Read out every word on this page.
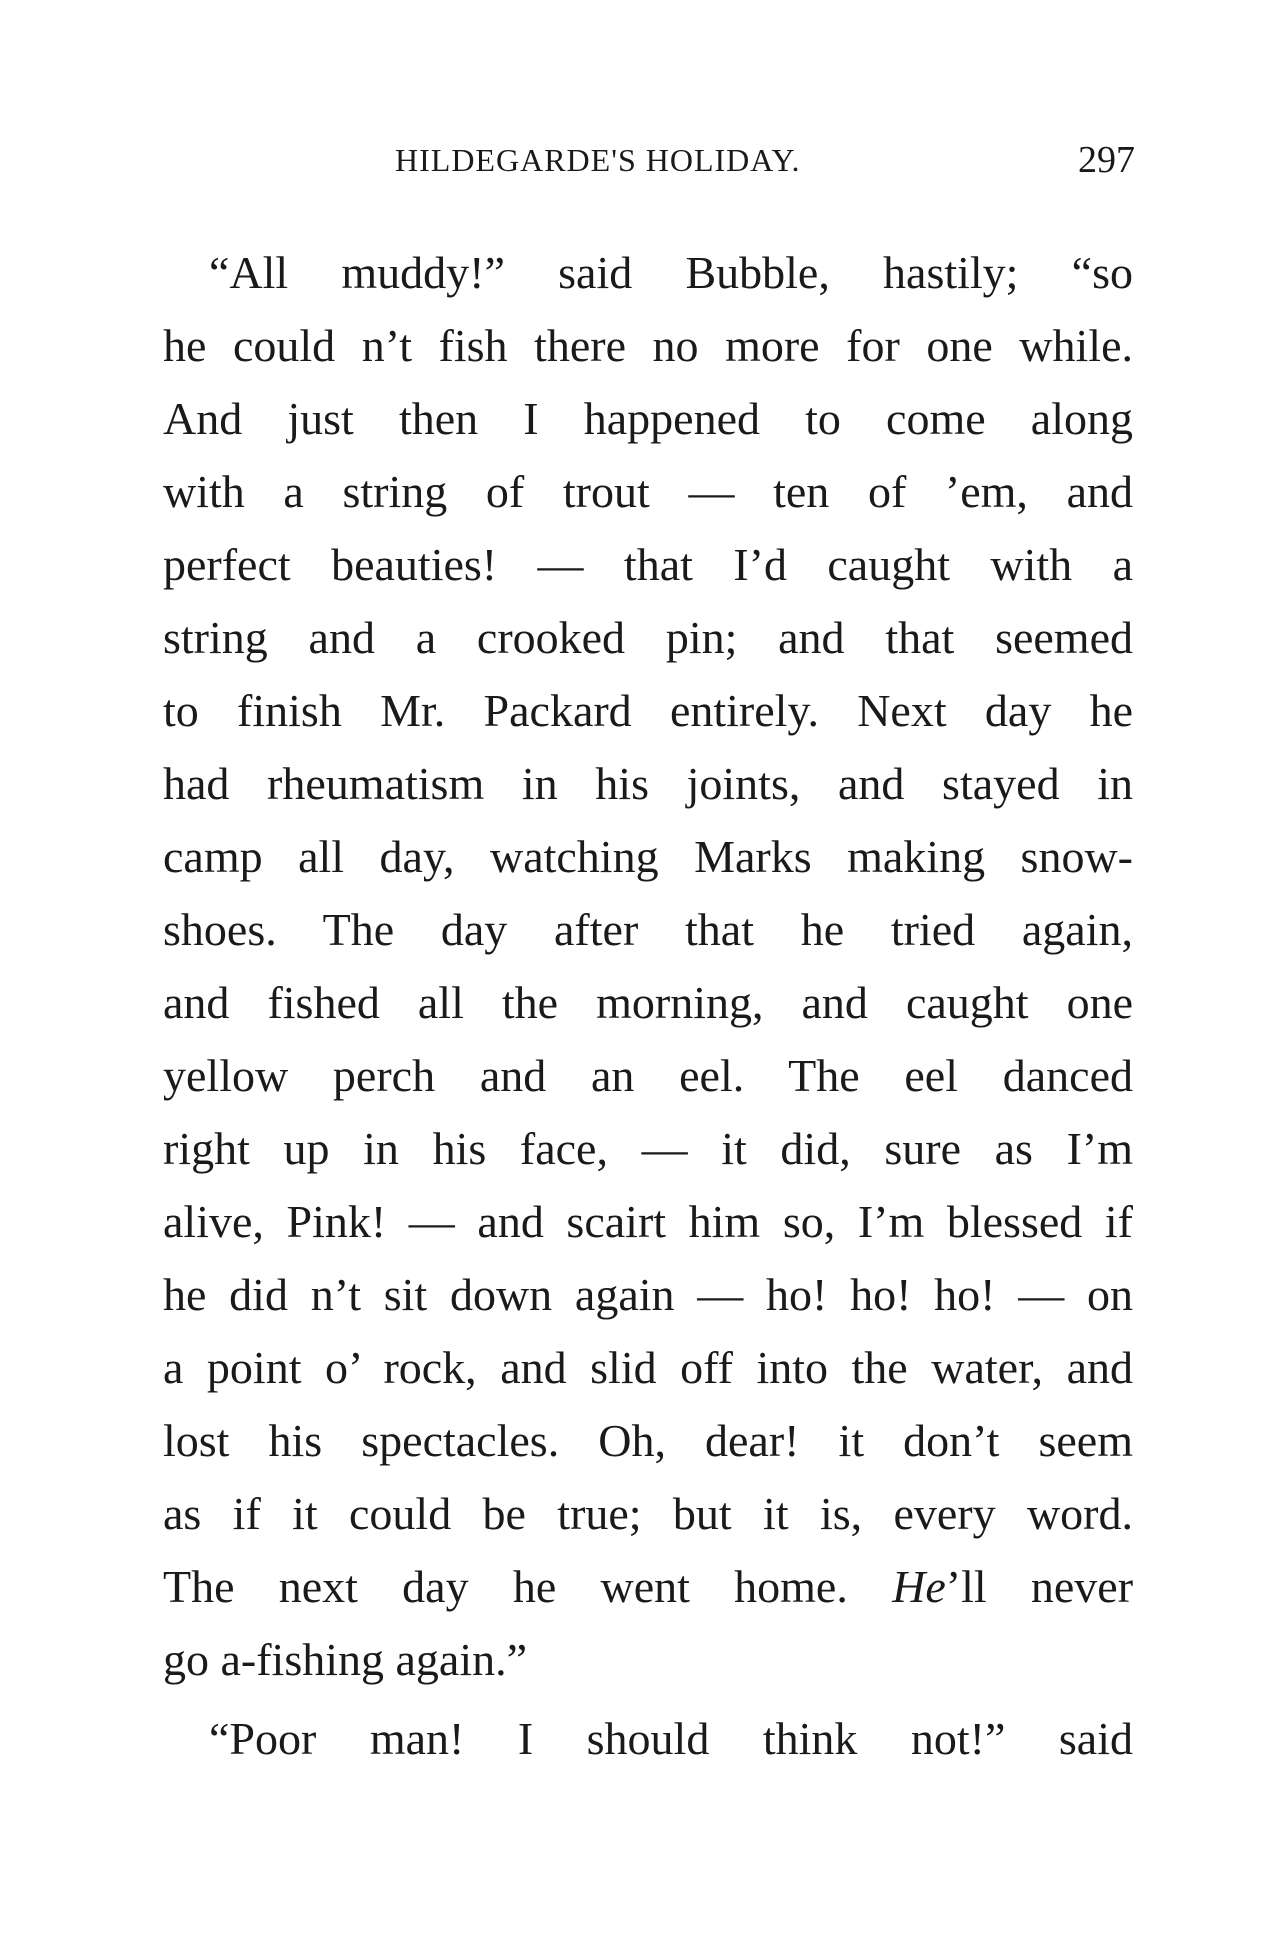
HILDEGARDE'S HOLIDAY.	297
“All muddy!” said Bubble, hastily; “so
he could n’t fish there no more for one while.
And just then I happened to come along
with a string of trout — ten of ’em, and
perfect beauties! — that I’d caught with a
string and a crooked pin; and that seemed
to finish Mr. Packard entirely. Next day he
had rheumatism in his joints, and stayed in
camp all day, watching Marks making snow-
shoes. The day after that he tried again,
and fished all the morning, and caught one
yellow perch and an eel. The eel danced
right up in his face, — it did, sure as I’m
alive, Pink! — and scairt him so, I’m blessed if
he did n’t sit down again — ho! ho! ho! — on
a point o’ rock, and slid off into the water, and
lost his spectacles. Oh, dear! it don’t seem
as if it could be true; but it is, every word.
The next day he went home. He’ll never
go a-fishing again.”
“Poor man! I should think not!” said
